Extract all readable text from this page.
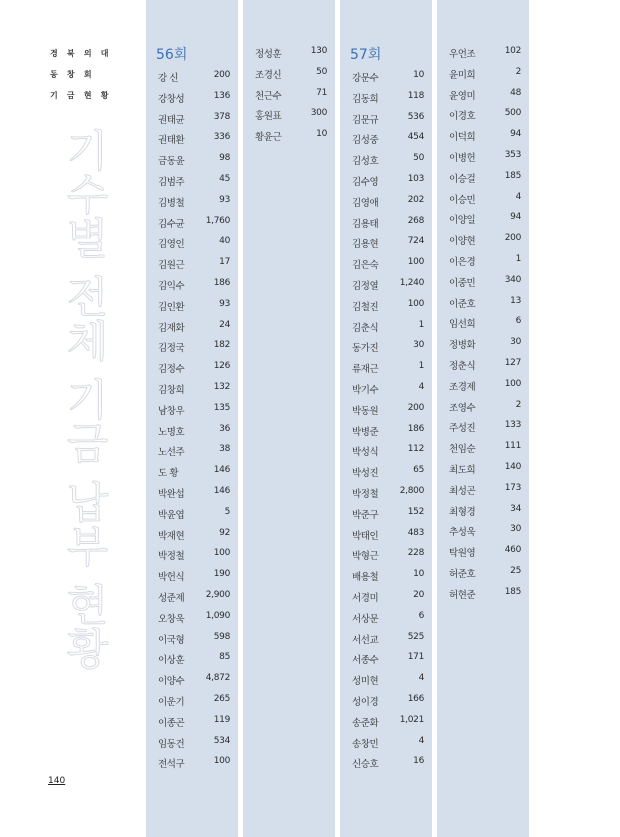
경 북 의 대
동 창 회
기 금 현 황
기수별 전체 기금 납부 현황
140
56회
강 신	200
강창성	136
권태균	378
권태환	336
금동윤	98
김범주	45
김병철	93
김수균 1,760
김영인	40
김원근	17
김익수	186
김인환	93
김재화	24
김정국	182
김정수	126
김창희	132
남창우	135
노명호	36
노선주	38
도 황	146
박완섭	146
박윤엽	5
박재현	92
박정철	100
박헌식	190
성준제 2,900
오창욱 1,090
이국형	598
이상훈	85
이양수 4,872
이운기	265
이종곤	119
임동건	534
전석구	100
정성훈	130
조경신	50
천근수	71
홍원표	300
황윤근	10
57회
강문수	10
김동희	118
김문규	536
김성중	454
김성호	50
김수영	103
김영애	202
김용태	268
김용현	724
김은숙	100
김정열 1,240
김철진	100
김춘식	1
동가진	30
류재근	1
박기수	4
박동원	200
박병준	186
박성식	112
박성진	65
박정철 2,800
박준구	152
박태인	483
박형근	228
배용철	10
서경미	20
서상문	6
서선교	525
서종수	171
성미현	4
성이경	166
송준화 1,021
송창민	4
신승호	16
우언조	102
윤미희	2
윤영미	48
이경호	500
이덕희	94
이병헌	353
이승걸	185
이승민	4
이양일	94
이양현	200
이은경	1
이중민	340
이준호	13
임선희	6
정병화	30
정춘식	127
조경제	100
조영수	2
주성진	133
천임순	111
최도희	140
최성곤	173
최형경	34
추성욱	30
탁원영	460
허준호	25
허현준	185
